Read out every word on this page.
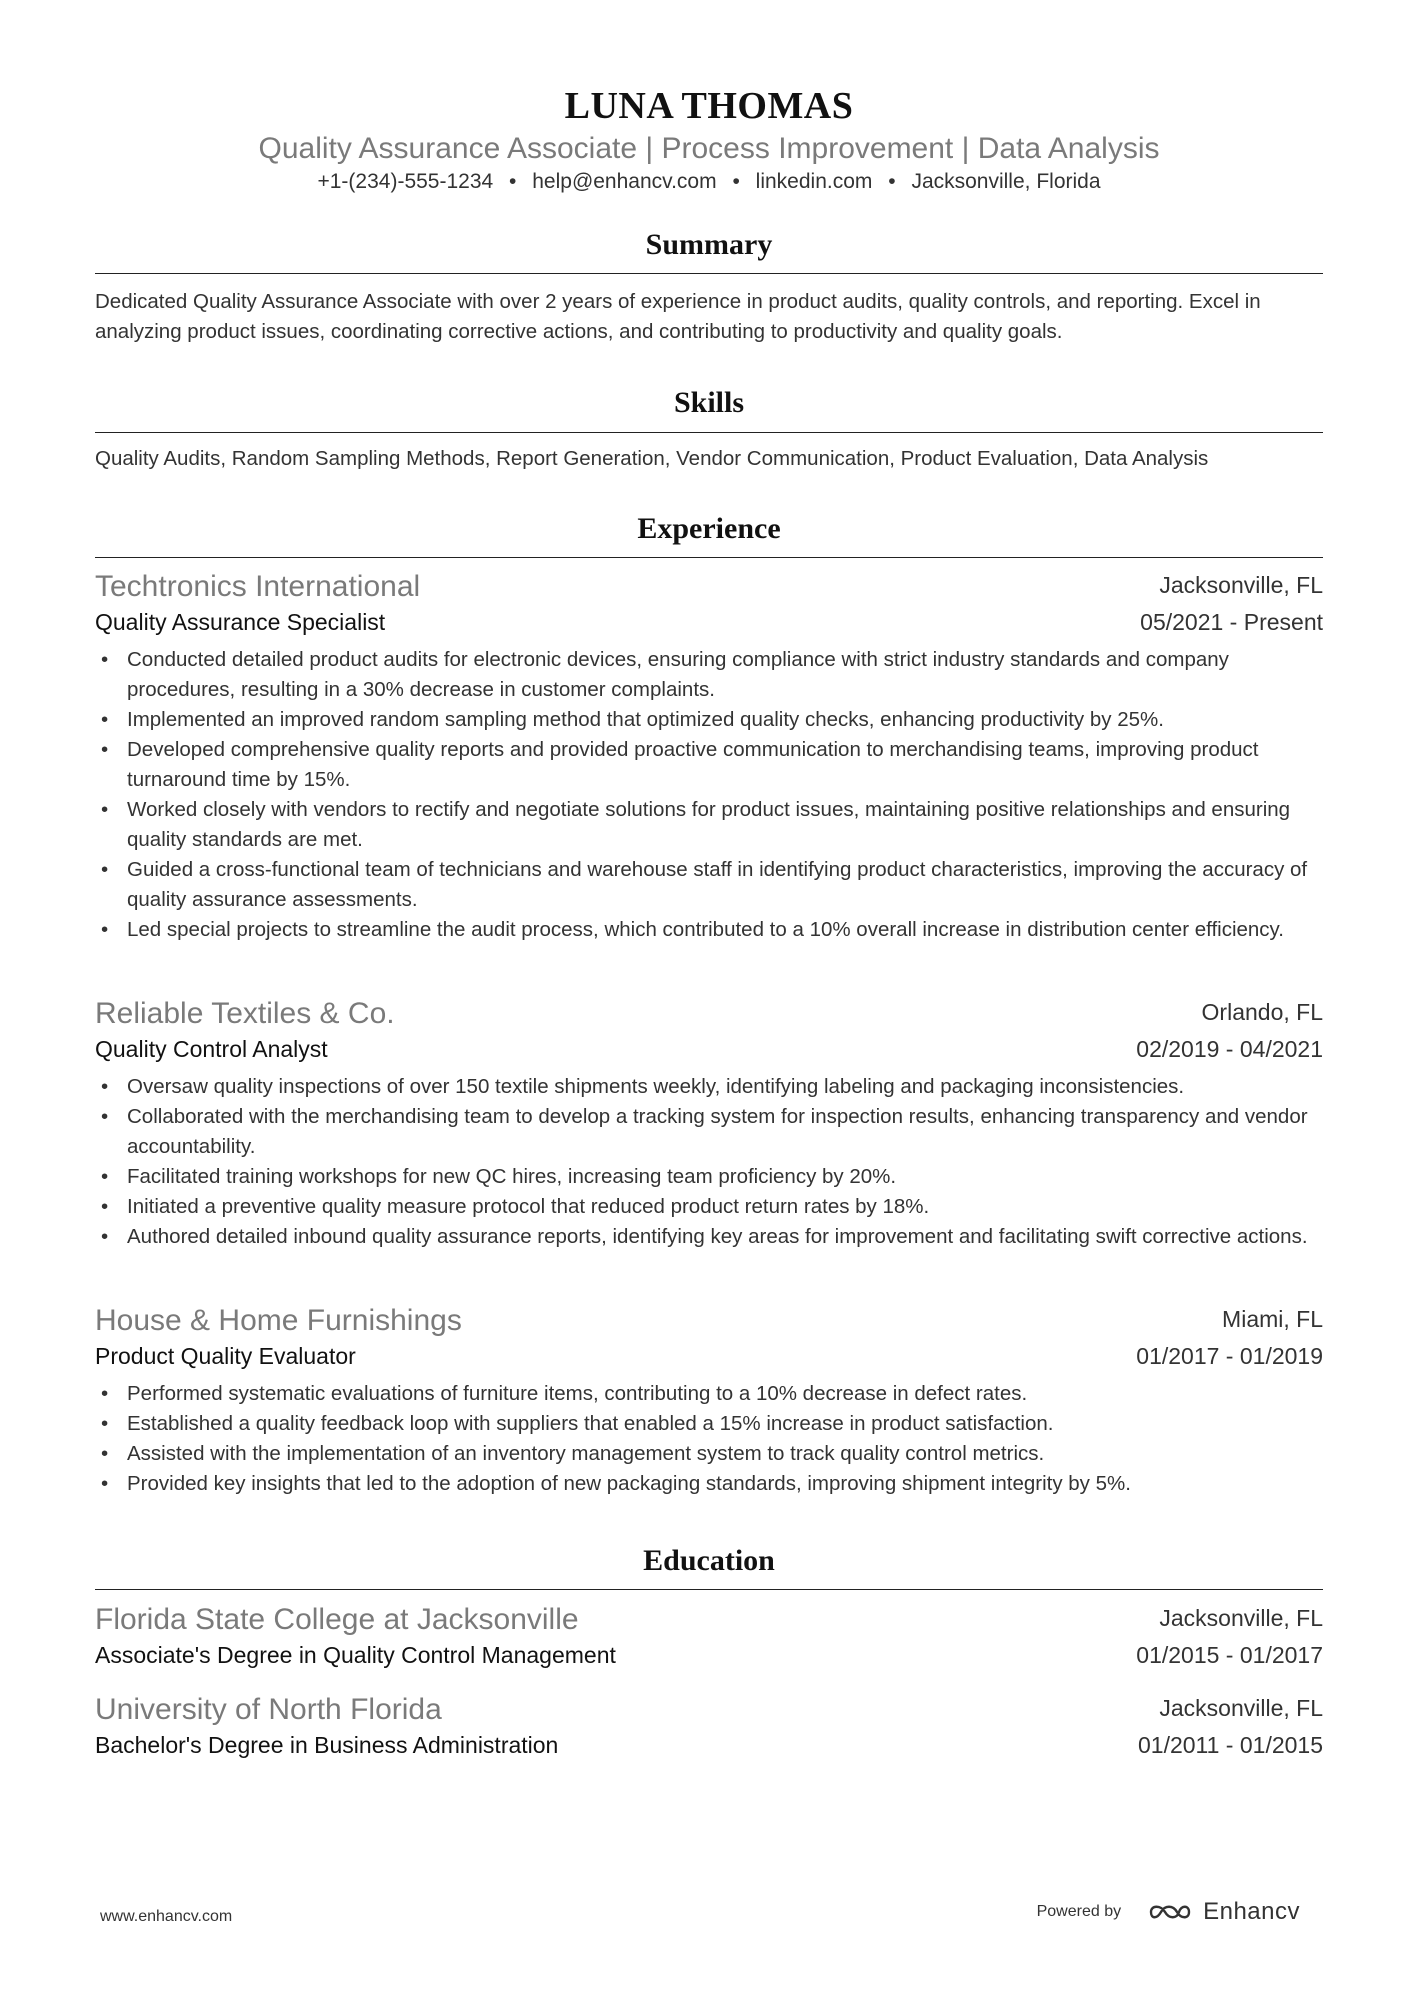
LUNA THOMAS
Quality Assurance Associate | Process Improvement | Data Analysis
+1-(234)-555-1234 • help@enhancv.com • linkedin.com • Jacksonville, Florida
Summary
Dedicated Quality Assurance Associate with over 2 years of experience in product audits, quality controls, and reporting. Excel in analyzing product issues, coordinating corrective actions, and contributing to productivity and quality goals.
Skills
Quality Audits, Random Sampling Methods, Report Generation, Vendor Communication, Product Evaluation, Data Analysis
Experience
Techtronics International	Jacksonville, FL
Quality Assurance Specialist	05/2021 - Present
• Conducted detailed product audits for electronic devices, ensuring compliance with strict industry standards and company procedures, resulting in a 30% decrease in customer complaints.
• Implemented an improved random sampling method that optimized quality checks, enhancing productivity by 25%.
• Developed comprehensive quality reports and provided proactive communication to merchandising teams, improving product turnaround time by 15%.
• Worked closely with vendors to rectify and negotiate solutions for product issues, maintaining positive relationships and ensuring quality standards are met.
• Guided a cross-functional team of technicians and warehouse staff in identifying product characteristics, improving the accuracy of quality assurance assessments.
• Led special projects to streamline the audit process, which contributed to a 10% overall increase in distribution center efficiency.
Reliable Textiles & Co.	Orlando, FL
Quality Control Analyst	02/2019 - 04/2021
• Oversaw quality inspections of over 150 textile shipments weekly, identifying labeling and packaging inconsistencies.
• Collaborated with the merchandising team to develop a tracking system for inspection results, enhancing transparency and vendor accountability.
• Facilitated training workshops for new QC hires, increasing team proficiency by 20%.
• Initiated a preventive quality measure protocol that reduced product return rates by 18%.
• Authored detailed inbound quality assurance reports, identifying key areas for improvement and facilitating swift corrective actions.
House & Home Furnishings	Miami, FL
Product Quality Evaluator	01/2017 - 01/2019
• Performed systematic evaluations of furniture items, contributing to a 10% decrease in defect rates.
• Established a quality feedback loop with suppliers that enabled a 15% increase in product satisfaction.
• Assisted with the implementation of an inventory management system to track quality control metrics.
• Provided key insights that led to the adoption of new packaging standards, improving shipment integrity by 5%.
Education
Florida State College at Jacksonville	Jacksonville, FL
Associate's Degree in Quality Control Management	01/2015 - 01/2017
University of North Florida	Jacksonville, FL
Bachelor's Degree in Business Administration	01/2011 - 01/2015
www.enhancv.com	Powered by	Enhancv
